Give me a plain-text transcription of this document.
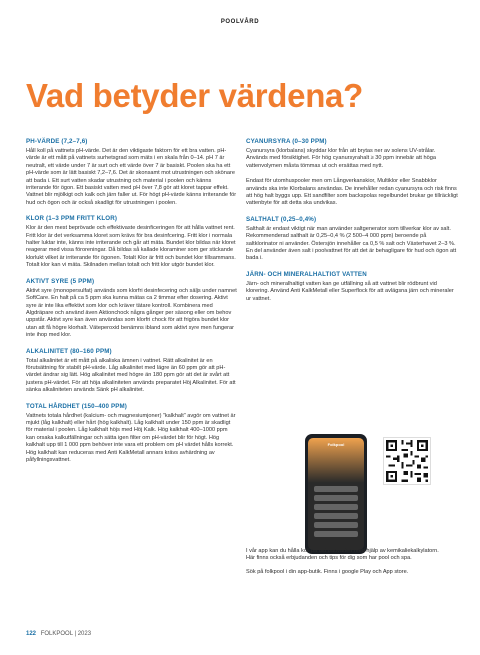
POOLVÅRD
Vad betyder värdena?
PH-VÄRDE (7,2–7,6)

Håll koll på vattnets pH-värde. Det är den viktigaste faktorn för ett bra vatten. pH-värde är ett mått på vattnets surhetsgrad som mäts i en skala från 0–14. pH 7 är neutralt, ett värde under 7 är surt och ett värde över 7 är basiskt. Poolen ska ha ett pH-värde som är lätt basiskt 7,2–7,6. Det är skonsamt mot utrustningen och skönare att bada i. Ett surt vatten skadar utrustning och material i poolen och känns irriterande för ögon. Ett basiskt vatten med pH över 7,8 gör att kloret tappar effekt. Vattnet blir mjölkigt och kalk och järn faller ut. För högt pH-värde känns irriterande för hud och ögon och är också skadligt för utrustningen i poolen.

KLOR (1–3 PPM FRITT KLOR)

Klor är den mest beprövade och effektivaste desinficeringen för att hålla vattnet rent. Fritt klor är det verksamma kloret som krävs för bra desinfcering. Fritt klor i normala halter luktar inte, känns inte irriterande och går att mäta. Bundet klor bildas när kloret reagerar med vissa föroreningar. Då bildas så kallade kloraminer som ger stickande klorlukt vilket är irriterande för ögonen. Totalt Klor är fritt och bundet klor tillsammans. Totalt klor kan vi mäta. Skilnaden mellan totalt och fritt klor utgör bundet klor.

AKTIVT SYRE (5 PPM)

Aktivt syre (monopersulfat) används som klorfri desinfecering och säljs under namnet SoftCare. En halt på ca 5 ppm ska kunna mätas ca 2 timmar efter dosering. Aktivt syre är inte lika effektivt som klor och kräver tätare kontroll. Kombinera med Algdräpare och använd även Aktionchock några gånger per säsong eller om behov uppstår. Aktivt syre kan även användas som klorfri chock för att frigöra bundet klor utan att få högre klorhalt. Väteperoxid benämns ibland som aktivt syre men fungerar inte ihop med klor.

ALKALINITET (80–160 PPM)

Total alkalinitet är ett mått på alkaliska ämnen i vattnet. Rätt alkalinitet är en förutsättning för stabilt pH-värde. Låg alkalinitet med lägre än 60 ppm gör att pH-värdet ändrar sig lätt. Hög alkalinitet med högre än 180 ppm gör att det är svårt att justera pH-värdet. För att höja alkaliniteten används preparatet Höj Alkalinitet. För att sänka alkaliniteten används Sänk pH alkalinitet.

TOTAL HÅRDHET (150–400 PPM)

Vattnets totala hårdhet (kalcium- och magnesiumjoner) ”kalkhalt” avgör om vattnet är mjukt (låg kalkhalt) eller hårt (hög kalkhalt). Låg kalkhalt under 150 ppm är skadligt för material i poolen. Låg kalkhalt höjs med Höj Kalk. Hög kalkhalt 400–1000 ppm kan orsaka kalkutfällningar och sätta igen filter om pH-värdet blir för högt. Hög kalkhalt upp till 1 000 ppm behöver inte vara ett problem om pH värdet hålls korrekt. Hög kalkhalt kan reduceras med Anti KalkMetall annars krävs avhärdning av påfyllningsvattnet.

CYANURSYRA (0–30 PPM)

Cyanursyra (klorbalans) skyddar klor från att brytas ner av solens UV-strålar. Används med försiktighet. För hög cyanursyrahalt ≥ 30 ppm innebär att höga vattenvolymen måsta tömmas ut och ersättas med nytt.

Endast för utomhuspooler men om Långverkanskior, Multiklor eller Snabbklor används ska inte Klorbalans användas. De innehåller redan cyanursyra och risk finns att hög halt byggs upp. Ett sandfilter som backspolas regelbundet brukar ge tillräckligt vattenbyte för att detta ska undvikas.

SALTHALT (0,25–0,4%)

Salthalt är endast viktigt när man använder saltgenerator som tillverkar klor av salt. Rekommenderad salthalt är 0,25–0,4 % (2 500–4 000 ppm) beroende på saltklorinator ni använder. Östersjön innehåller ca 0,5 % salt och Västerhavet 2–3 %. En del använder även salt i poolvattnet för att det är behagligare för hud och ögon att bada i.

JÄRN- OCH MINERALHALTIGT VATTEN

Järn- och mineralhaltigt vatten kan ge utfällning så att vattnet blir rödbrunt vid klorering. Använd Anti KalkMetall eller Superflock för att avlägsna järn och mineraler ur vattnet.

Folkpool

I vår app kan du hålla koll på ditt badvatten med hjälp av kemikaliekalkylatorn. Här finns också erbjudanden och tips för dig som har pool och spa.

Sök på folkpool i din app-butik. Finns i google Play och App store.

122 FOLKPOOL | 2023
